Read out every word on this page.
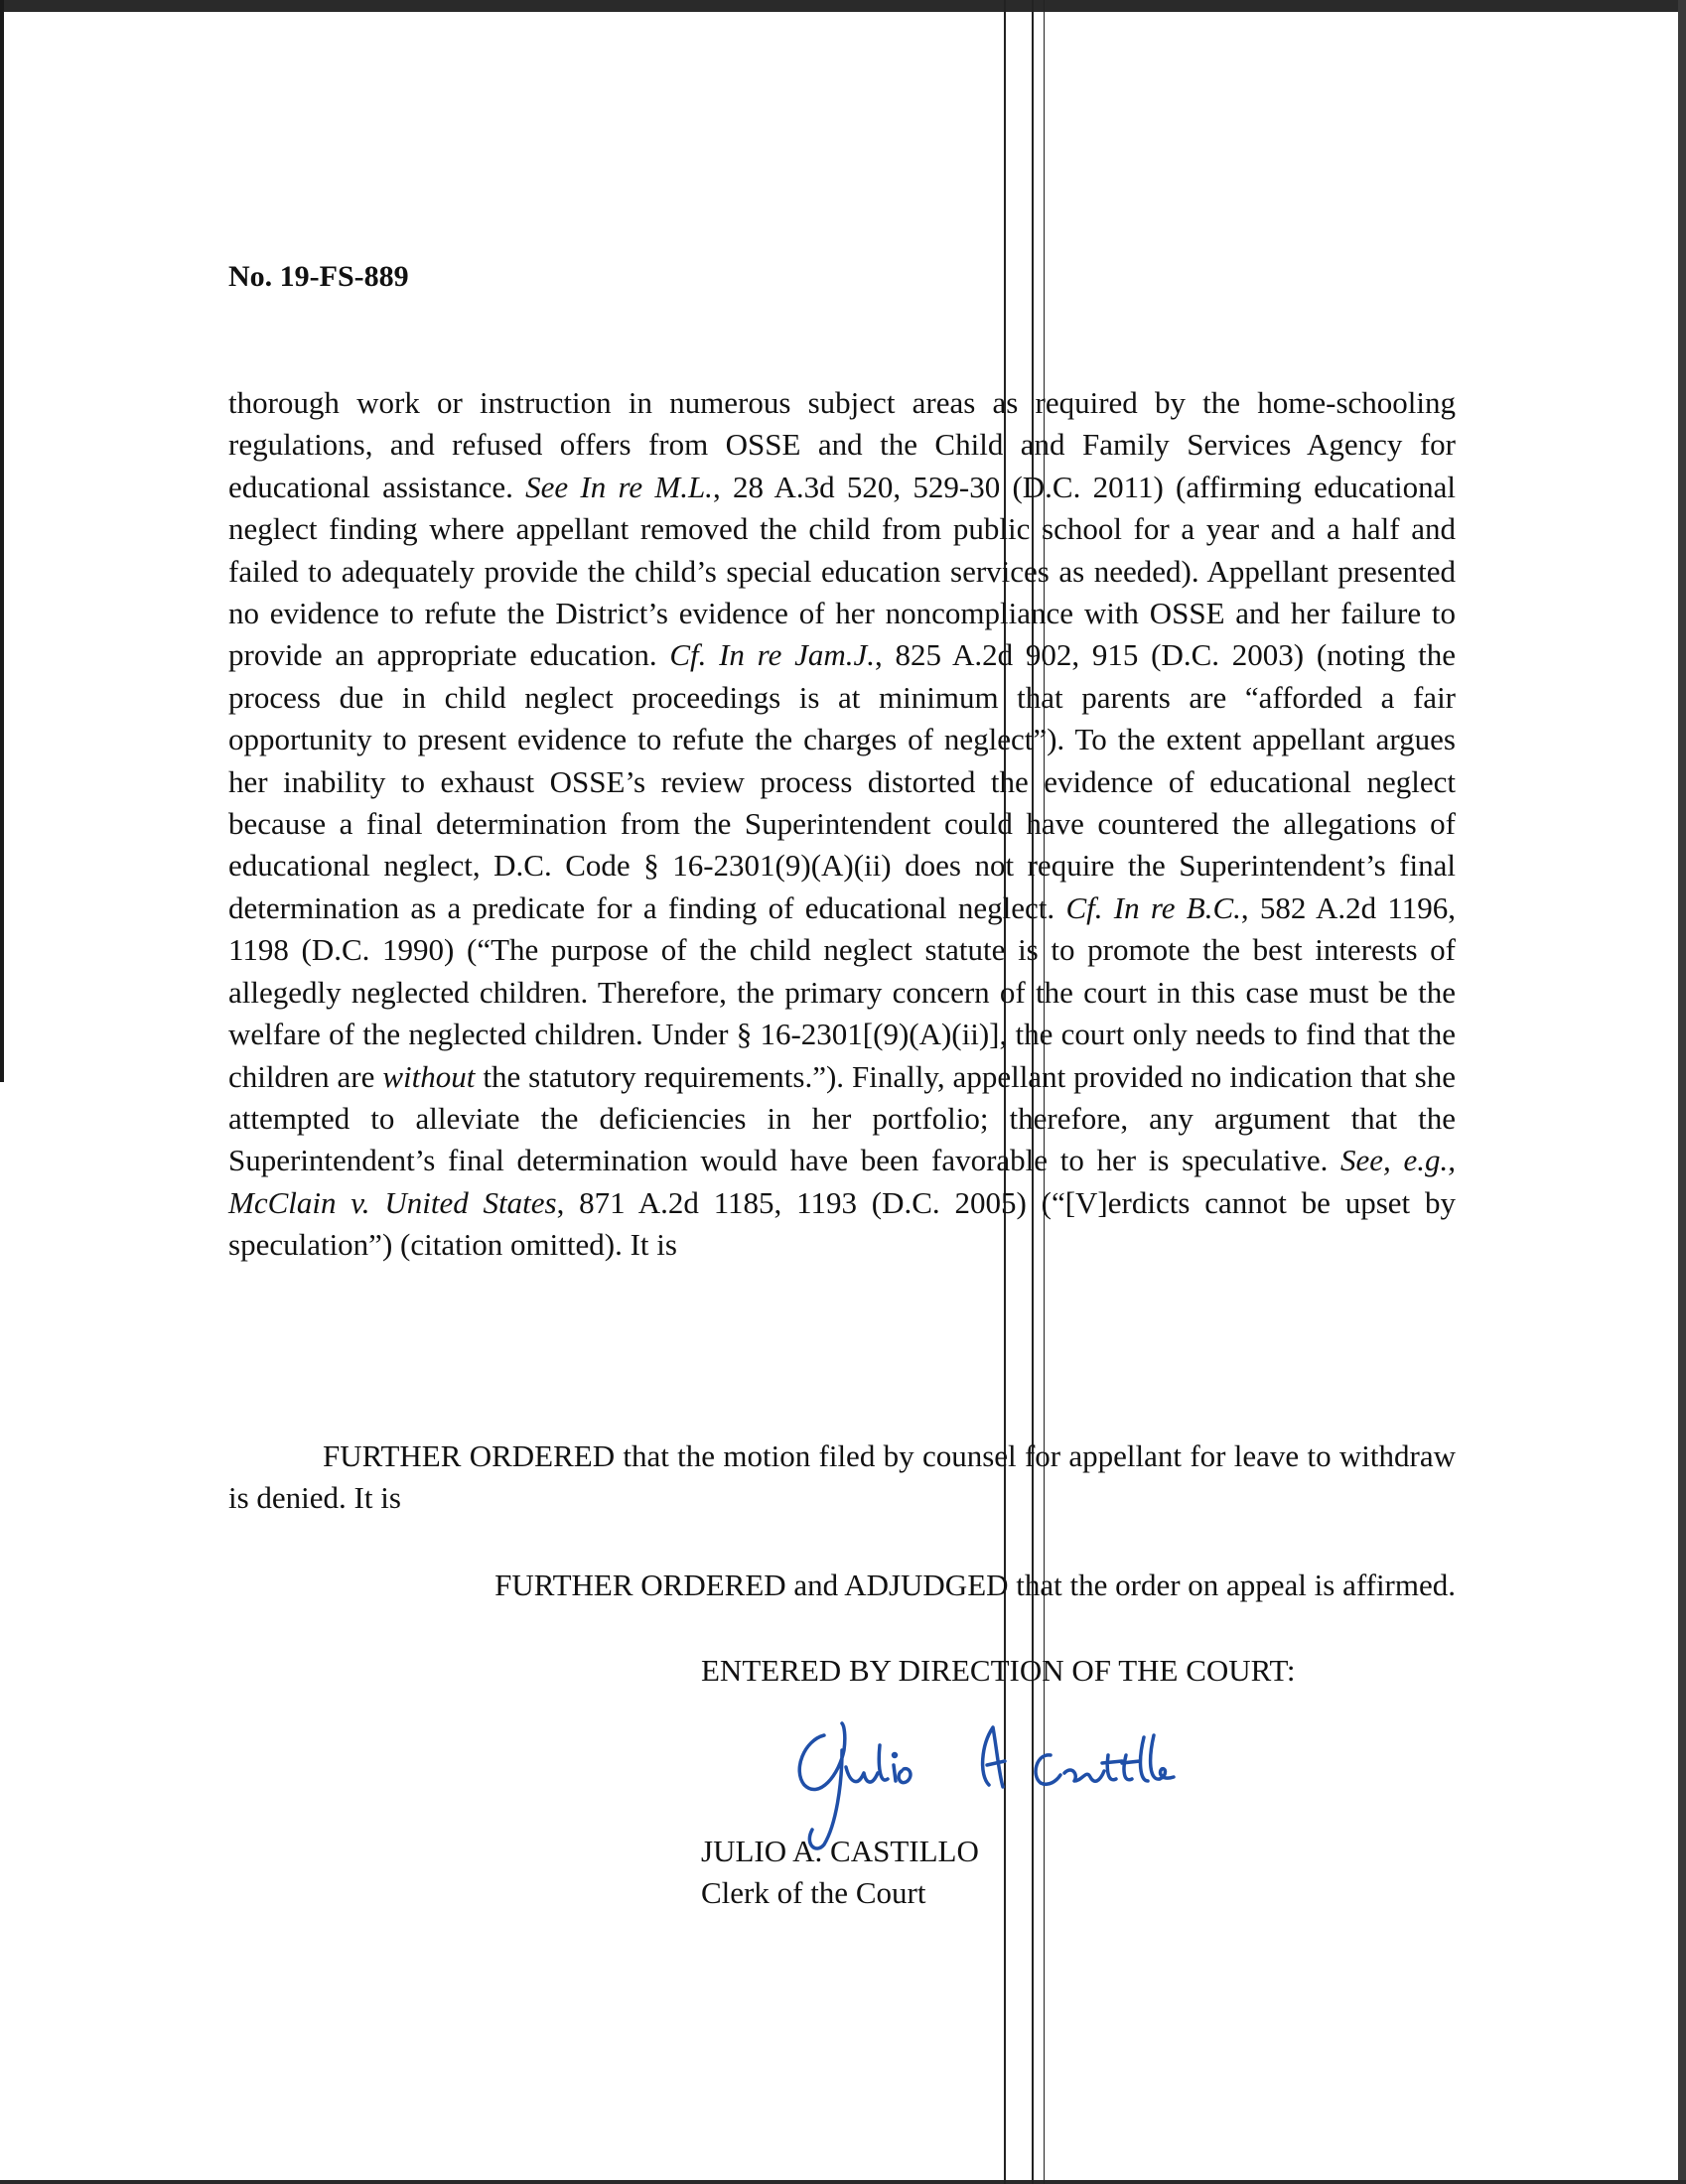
No. 19-FS-889

thorough work or instruction in numerous subject areas as required by the home-schooling regulations, and refused offers from OSSE and the Child and Family Services Agency for educational assistance. See In re M.L., 28 A.3d 520, 529-30 (D.C. 2011) (affirming educational neglect finding where appellant removed the child from public school for a year and a half and failed to adequately provide the child’s special education services as needed). Appellant presented no evidence to refute the District’s evidence of her noncompliance with OSSE and her failure to provide an appropriate education. Cf. In re Jam.J., 825 A.2d 902, 915 (D.C. 2003) (noting the process due in child neglect proceedings is at minimum that parents are “afforded a fair opportunity to present evidence to refute the charges of neglect”). To the extent appellant argues her inability to exhaust OSSE’s review process distorted the evidence of educational neglect because a final determination from the Superintendent could have countered the allegations of educational neglect, D.C. Code § 16-2301(9)(A)(ii) does not require the Superintendent’s final determination as a predicate for a finding of educational neglect. Cf. In re B.C., 582 A.2d 1196, 1198 (D.C. 1990) (“The purpose of the child neglect statute is to promote the best interests of allegedly neglected children. Therefore, the primary concern of the court in this case must be the welfare of the neglected children. Under § 16-2301[(9)(A)(ii)], the court only needs to find that the children are without the statutory requirements.”). Finally, appellant provided no indication that she attempted to alleviate the deficiencies in her portfolio; therefore, any argument that the Superintendent’s final determination would have been favorable to her is speculative. See, e.g., McClain v. United States, 871 A.2d 1185, 1193 (D.C. 2005) (“[V]erdicts cannot be upset by speculation”) (citation omitted). It is

FURTHER ORDERED that the motion filed by counsel for appellant for leave to withdraw is denied. It is
FURTHER ORDERED and ADJUDGED that the order on appeal is affirmed.
ENTERED BY DIRECTION OF THE COURT:
JULIO A. CASTILLO
Clerk of the Court
